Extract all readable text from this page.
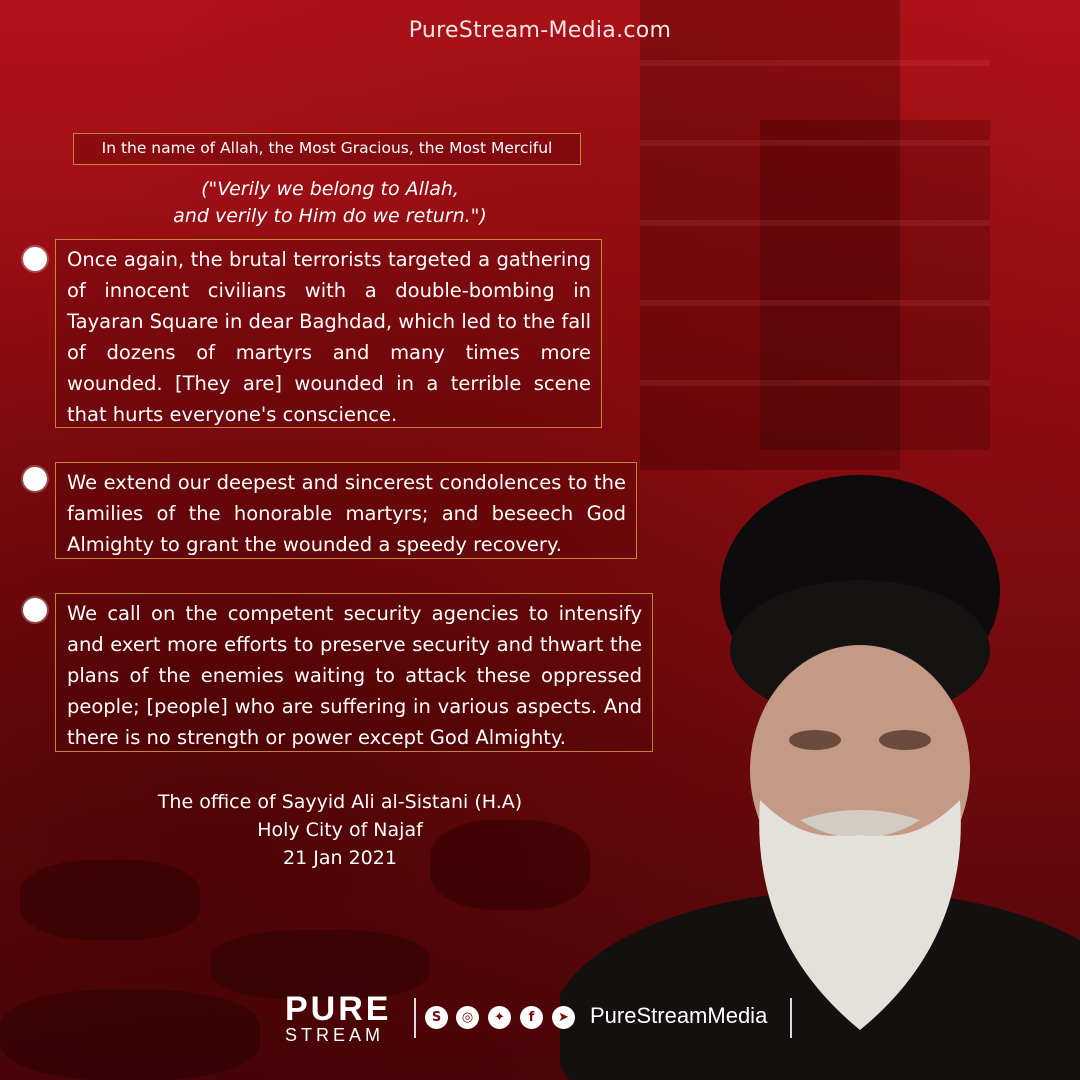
PureStream-Media.com
In the name of Allah, the Most Gracious, the Most Merciful
("Verily we belong to Allah,
and verily to Him do we return.")
Once again, the brutal terrorists targeted a gathering of innocent civilians with a double-bombing in Tayaran Square in dear Baghdad, which led to the fall of dozens of martyrs and many times more wounded. [They are] wounded in a terrible scene that hurts everyone's conscience.
We extend our deepest and sincerest condolences to the families of the honorable martyrs; and beseech God Almighty to grant the wounded a speedy recovery.
We call on the competent security agencies to intensify and exert more efforts to preserve security and thwart the plans of the enemies waiting to attack these oppressed people; [people] who are suffering in various aspects. And there is no strength or power except God Almighty.
The office of Sayyid Ali al-Sistani (H.A)
Holy City of Najaf
21 Jan 2021
PURE
STREAM
S	◎	✦	f	➤ PureStreamMedia
